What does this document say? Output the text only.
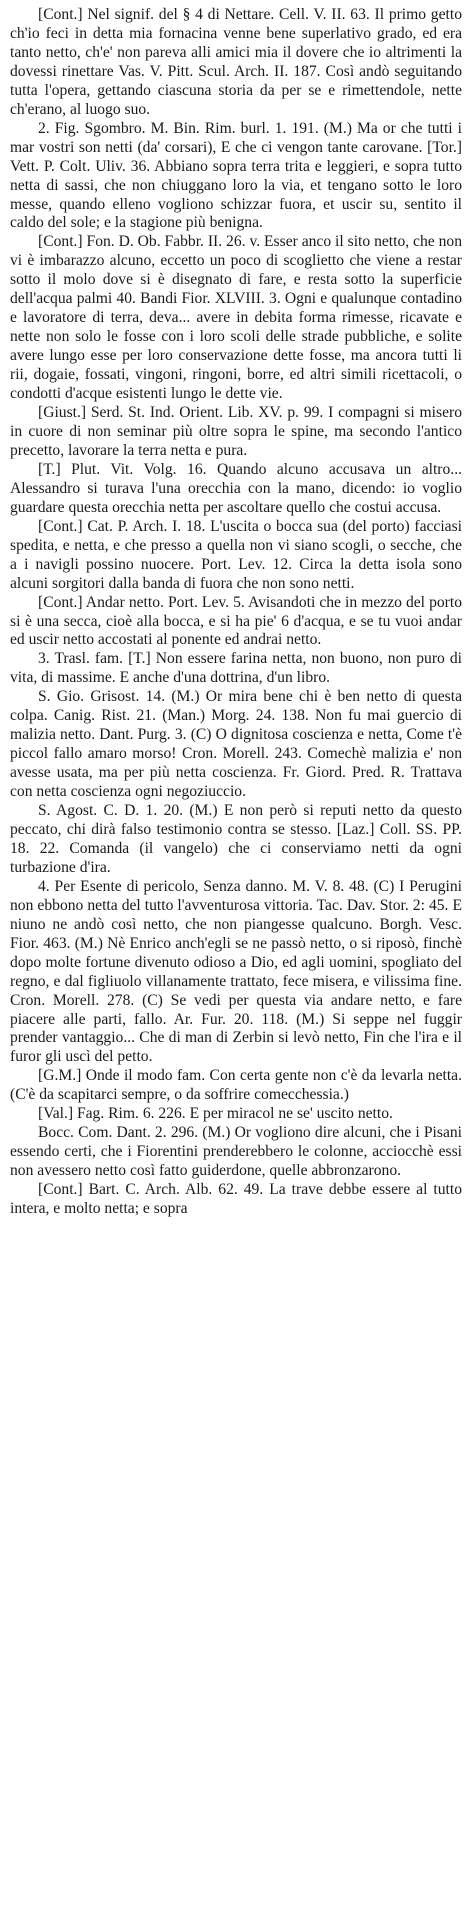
[Cont.] Nel signif. del § 4 di Nettare. Cell. V. II. 63. Il primo getto ch'io feci in detta mia fornacina venne bene superlativo grado, ed era tanto netto, ch'e' non pareva alli amici mia il dovere che io altrimenti la dovessi rinettare Vas. V. Pitt. Scul. Arch. II. 187. Così andò seguitando tutta l'opera, gettando ciascuna storia da per se e rimettendole, nette ch'erano, al luogo suo.

2. Fig. Sgombro. M. Bin. Rim. burl. 1. 191. (M.) Ma or che tutti i mar vostri son netti (da' corsari), E che ci vengon tante carovane. [Tor.] Vett. P. Colt. Uliv. 36. Abbiano sopra terra trita e leggieri, e sopra tutto netta di sassi, che non chiuggano loro la via, et tengano sotto le loro messe, quando elleno vogliono schizzar fuora, et uscir su, sentito il caldo del sole; e la stagione più benigna.

[Cont.] Fon. D. Ob. Fabbr. II. 26. v. Esser anco il sito netto, che non vi è imbarazzo alcuno, eccetto un poco di scoglietto che viene a restar sotto il molo dove si è disegnato di fare, e resta sotto la superficie dell'acqua palmi 40. Bandi Fior. XLVIII. 3. Ogni e qualunque contadino e lavoratore di terra, deva... avere in debita forma rimesse, ricavate e nette non solo le fosse con i loro scoli delle strade pubbliche, e solite avere lungo esse per loro conservazione dette fosse, ma ancora tutti li rii, dogaie, fossati, vingoni, ringoni, borre, ed altri simili ricettacoli, o condotti d'acque esistenti lungo le dette vie.

[Giust.] Serd. St. Ind. Orient. Lib. XV. p. 99. I compagni si misero in cuore di non seminar più oltre sopra le spine, ma secondo l'antico precetto, lavorare la terra netta e pura.

[T.] Plut. Vit. Volg. 16. Quando alcuno accusava un altro... Alessandro si turava l'una orecchia con la mano, dicendo: io voglio guardare questa orecchia netta per ascoltare quello che costui accusa.

[Cont.] Cat. P. Arch. I. 18. L'uscita o bocca sua (del porto) facciasi spedita, e netta, e che presso a quella non vi siano scogli, o secche, che a i navigli possino nuocere. Port. Lev. 12. Circa la detta isola sono alcuni sorgitori dalla banda di fuora che non sono netti.

[Cont.] Andar netto. Port. Lev. 5. Avisandoti che in mezzo del porto si è una secca, cioè alla bocca, e si ha pie' 6 d'acqua, e se tu vuoi andar ed uscir netto accostati al ponente ed andrai netto.

3. Trasl. fam. [T.] Non essere farina netta, non buono, non puro di vita, di massime. E anche d'una dottrina, d'un libro.

S. Gio. Grisost. 14. (M.) Or mira bene chi è ben netto di questa colpa. Canig. Rist. 21. (Man.) Morg. 24. 138. Non fu mai guercio di malizia netto. Dant. Purg. 3. (C) O dignitosa coscienza e netta, Come t'è piccol fallo amaro morso! Cron. Morell. 243. Comechè malizia e' non avesse usata, ma per più netta coscienza. Fr. Giord. Pred. R. Trattava con netta coscienza ogni negoziuccio.

S. Agost. C. D. 1. 20. (M.) E non però si reputi netto da questo peccato, chi dirà falso testimonio contra se stesso. [Laz.] Coll. SS. PP. 18. 22. Comanda (il vangelo) che ci conserviamo netti da ogni turbazione d'ira.

4. Per Esente di pericolo, Senza danno. M. V. 8. 48. (C) I Perugini non ebbono netta del tutto l'avventurosa vittoria. Tac. Dav. Stor. 2: 45. E niuno ne andò così netto, che non piangesse qualcuno. Borgh. Vesc. Fior. 463. (M.) Nè Enrico anch'egli se ne passò netto, o si riposò, finchè dopo molte fortune divenuto odioso a Dio, ed agli uomini, spogliato del regno, e dal figliuolo villanamente trattato, fece misera, e vilissima fine. Cron. Morell. 278. (C) Se vedi per questa via andare netto, e fare piacere alle parti, fallo. Ar. Fur. 20. 118. (M.) Si seppe nel fuggir prender vantaggio... Che di man di Zerbin si levò netto, Fin che l'ira e il furor gli uscì del petto.

[G.M.] Onde il modo fam. Con certa gente non c'è da levarla netta. (C'è da scapitarci sempre, o da soffrire comecchessia.)

[Val.] Fag. Rim. 6. 226. E per miracol ne se' uscito netto.

Bocc. Com. Dant. 2. 296. (M.) Or vogliono dire alcuni, che i Pisani essendo certi, che i Fiorentini prenderebbero le colonne, acciocchè essi non avessero netto così fatto guiderdone, quelle abbronzarono.

[Cont.] Bart. C. Arch. Alb. 62. 49. La trave debbe essere al tutto intera, e molto netta; e sopra
